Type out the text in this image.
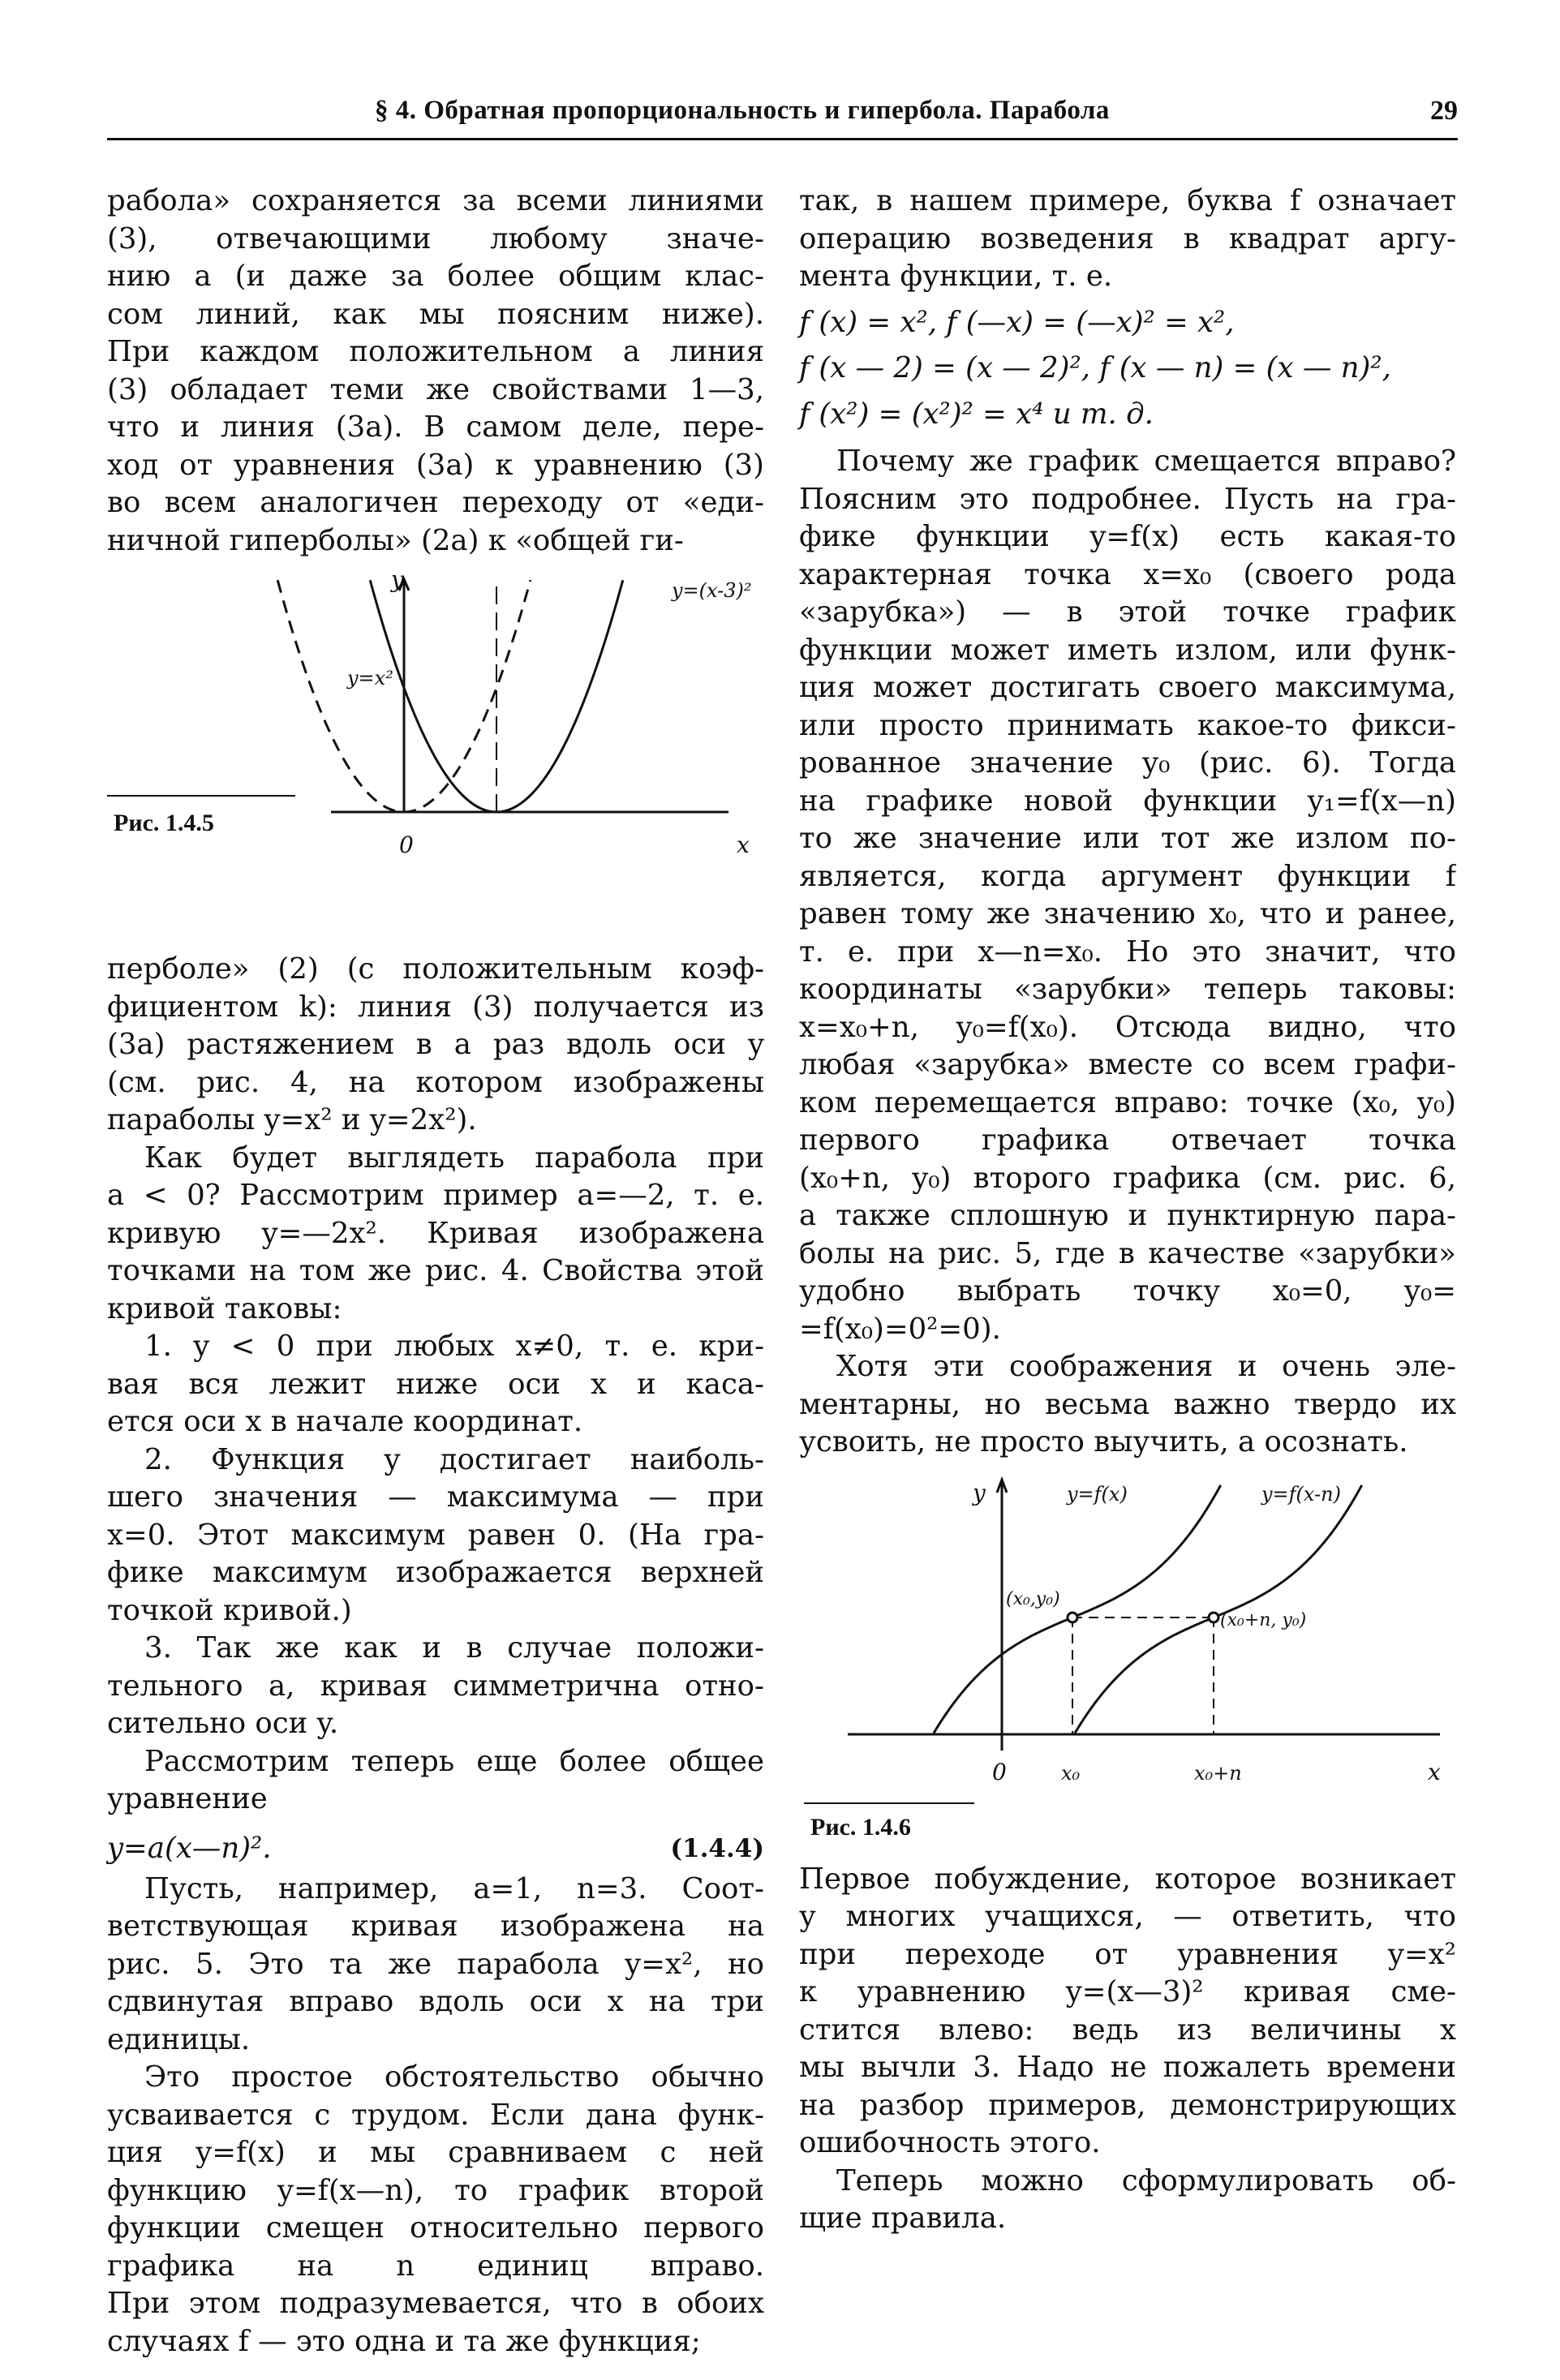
§ 4. Обратная пропорциональность и гипербола. Парабола	29
рабола» сохраняется за всеми линиями
(3), отвечающими любому значе-
нию a (и даже за более общим клас-
сом линий, как мы поясним ниже).
При каждом положительном a линия
(3) обладает теми же свойствами 1—3,
что и линия (3a). В самом деле, пере-
ход от уравнения (3a) к уравнению (3)
во всем аналогичен переходу от «еди-
ничной гиперболы» (2a) к «общей ги-
Рис. 1.4.5
y
x
0
y=x²
y=(x-3)²
перболе» (2) (с положительным коэф-
фициентом k): линия (3) получается из
(3a) растяжением в a раз вдоль оси y
(см. рис. 4, на котором изображены
параболы y=x² и y=2x²).
Как будет выглядеть парабола при
a < 0? Рассмотрим пример a=—2, т. е.
кривую y=—2x². Кривая изображена
точками на том же рис. 4. Свойства этой
кривой таковы:
1. y < 0 при любых x≠0, т. е. кри-
вая вся лежит ниже оси x и каса-
ется оси x в начале координат.
2. Функция y достигает наиболь-
шего значения — максимума — при
x=0. Этот максимум равен 0. (На гра-
фике максимум изображается верхней
точкой кривой.)
3. Так же как и в случае положи-
тельного a, кривая симметрична отно-
сительно оси y.
Рассмотрим теперь еще более общее
уравнение
y=a(x—n)².	(1.4.4)
Пусть, например, a=1, n=3. Соот-
ветствующая кривая изображена на
рис. 5. Это та же парабола y=x², но
сдвинутая вправо вдоль оси x на три
единицы.
Это простое обстоятельство обычно
усваивается с трудом. Если дана функ-
ция y=f(x) и мы сравниваем с ней
функцию y=f(x—n), то график второй
функции смещен относительно первого
графика на n единиц вправо.
При этом подразумевается, что в обоих
случаях f — это одна и та же функция;
так, в нашем примере, буква f означает
операцию возведения в квадрат аргу-
мента функции, т. е.
f (x) = x², f (—x) = (—x)² = x²,
f (x — 2) = (x — 2)², f (x — n) = (x — n)²,
f (x²) = (x²)² = x⁴ и т. д.
Почему же график смещается вправо?
Поясним это подробнее. Пусть на гра-
фике функции y=f(x) есть какая-то
характерная точка x=x₀ (своего рода
«зарубка») — в этой точке график
функции может иметь излом, или функ-
ция может достигать своего максимума,
или просто принимать какое-то фикси-
рованное значение y₀ (рис. 6). Тогда
на графике новой функции y₁=f(x—n)
то же значение или тот же излом по-
является, когда аргумент функции f
равен тому же значению x₀, что и ранее,
т. е. при x—n=x₀. Но это значит, что
координаты «зарубки» теперь таковы:
x=x₀+n, y₀=f(x₀). Отсюда видно, что
любая «зарубка» вместе со всем графи-
ком перемещается вправо: точке (x₀, y₀)
первого графика отвечает точка
(x₀+n, y₀) второго графика (см. рис. 6,
а также сплошную и пунктирную пара-
болы на рис. 5, где в качестве «зарубки»
удобно выбрать точку x₀=0, y₀=
=f(x₀)=0²=0).
Хотя эти соображения и очень эле-
ментарны, но весьма важно твердо их
усвоить, не просто выучить, а осознать.
y
x
0
y=f(x)	y=f(x-n)
(x₀,y₀)
(x₀+n, y₀)
x₀	x₀+n
Рис. 1.4.6
Первое побуждение, которое возникает
у многих учащихся, — ответить, что
при переходе от уравнения y=x²
к уравнению y=(x—3)² кривая сме-
стится влево: ведь из величины x
мы вычли 3. Надо не пожалеть времени
на разбор примеров, демонстрирующих
ошибочность этого.
Теперь можно сформулировать об-
щие правила.
